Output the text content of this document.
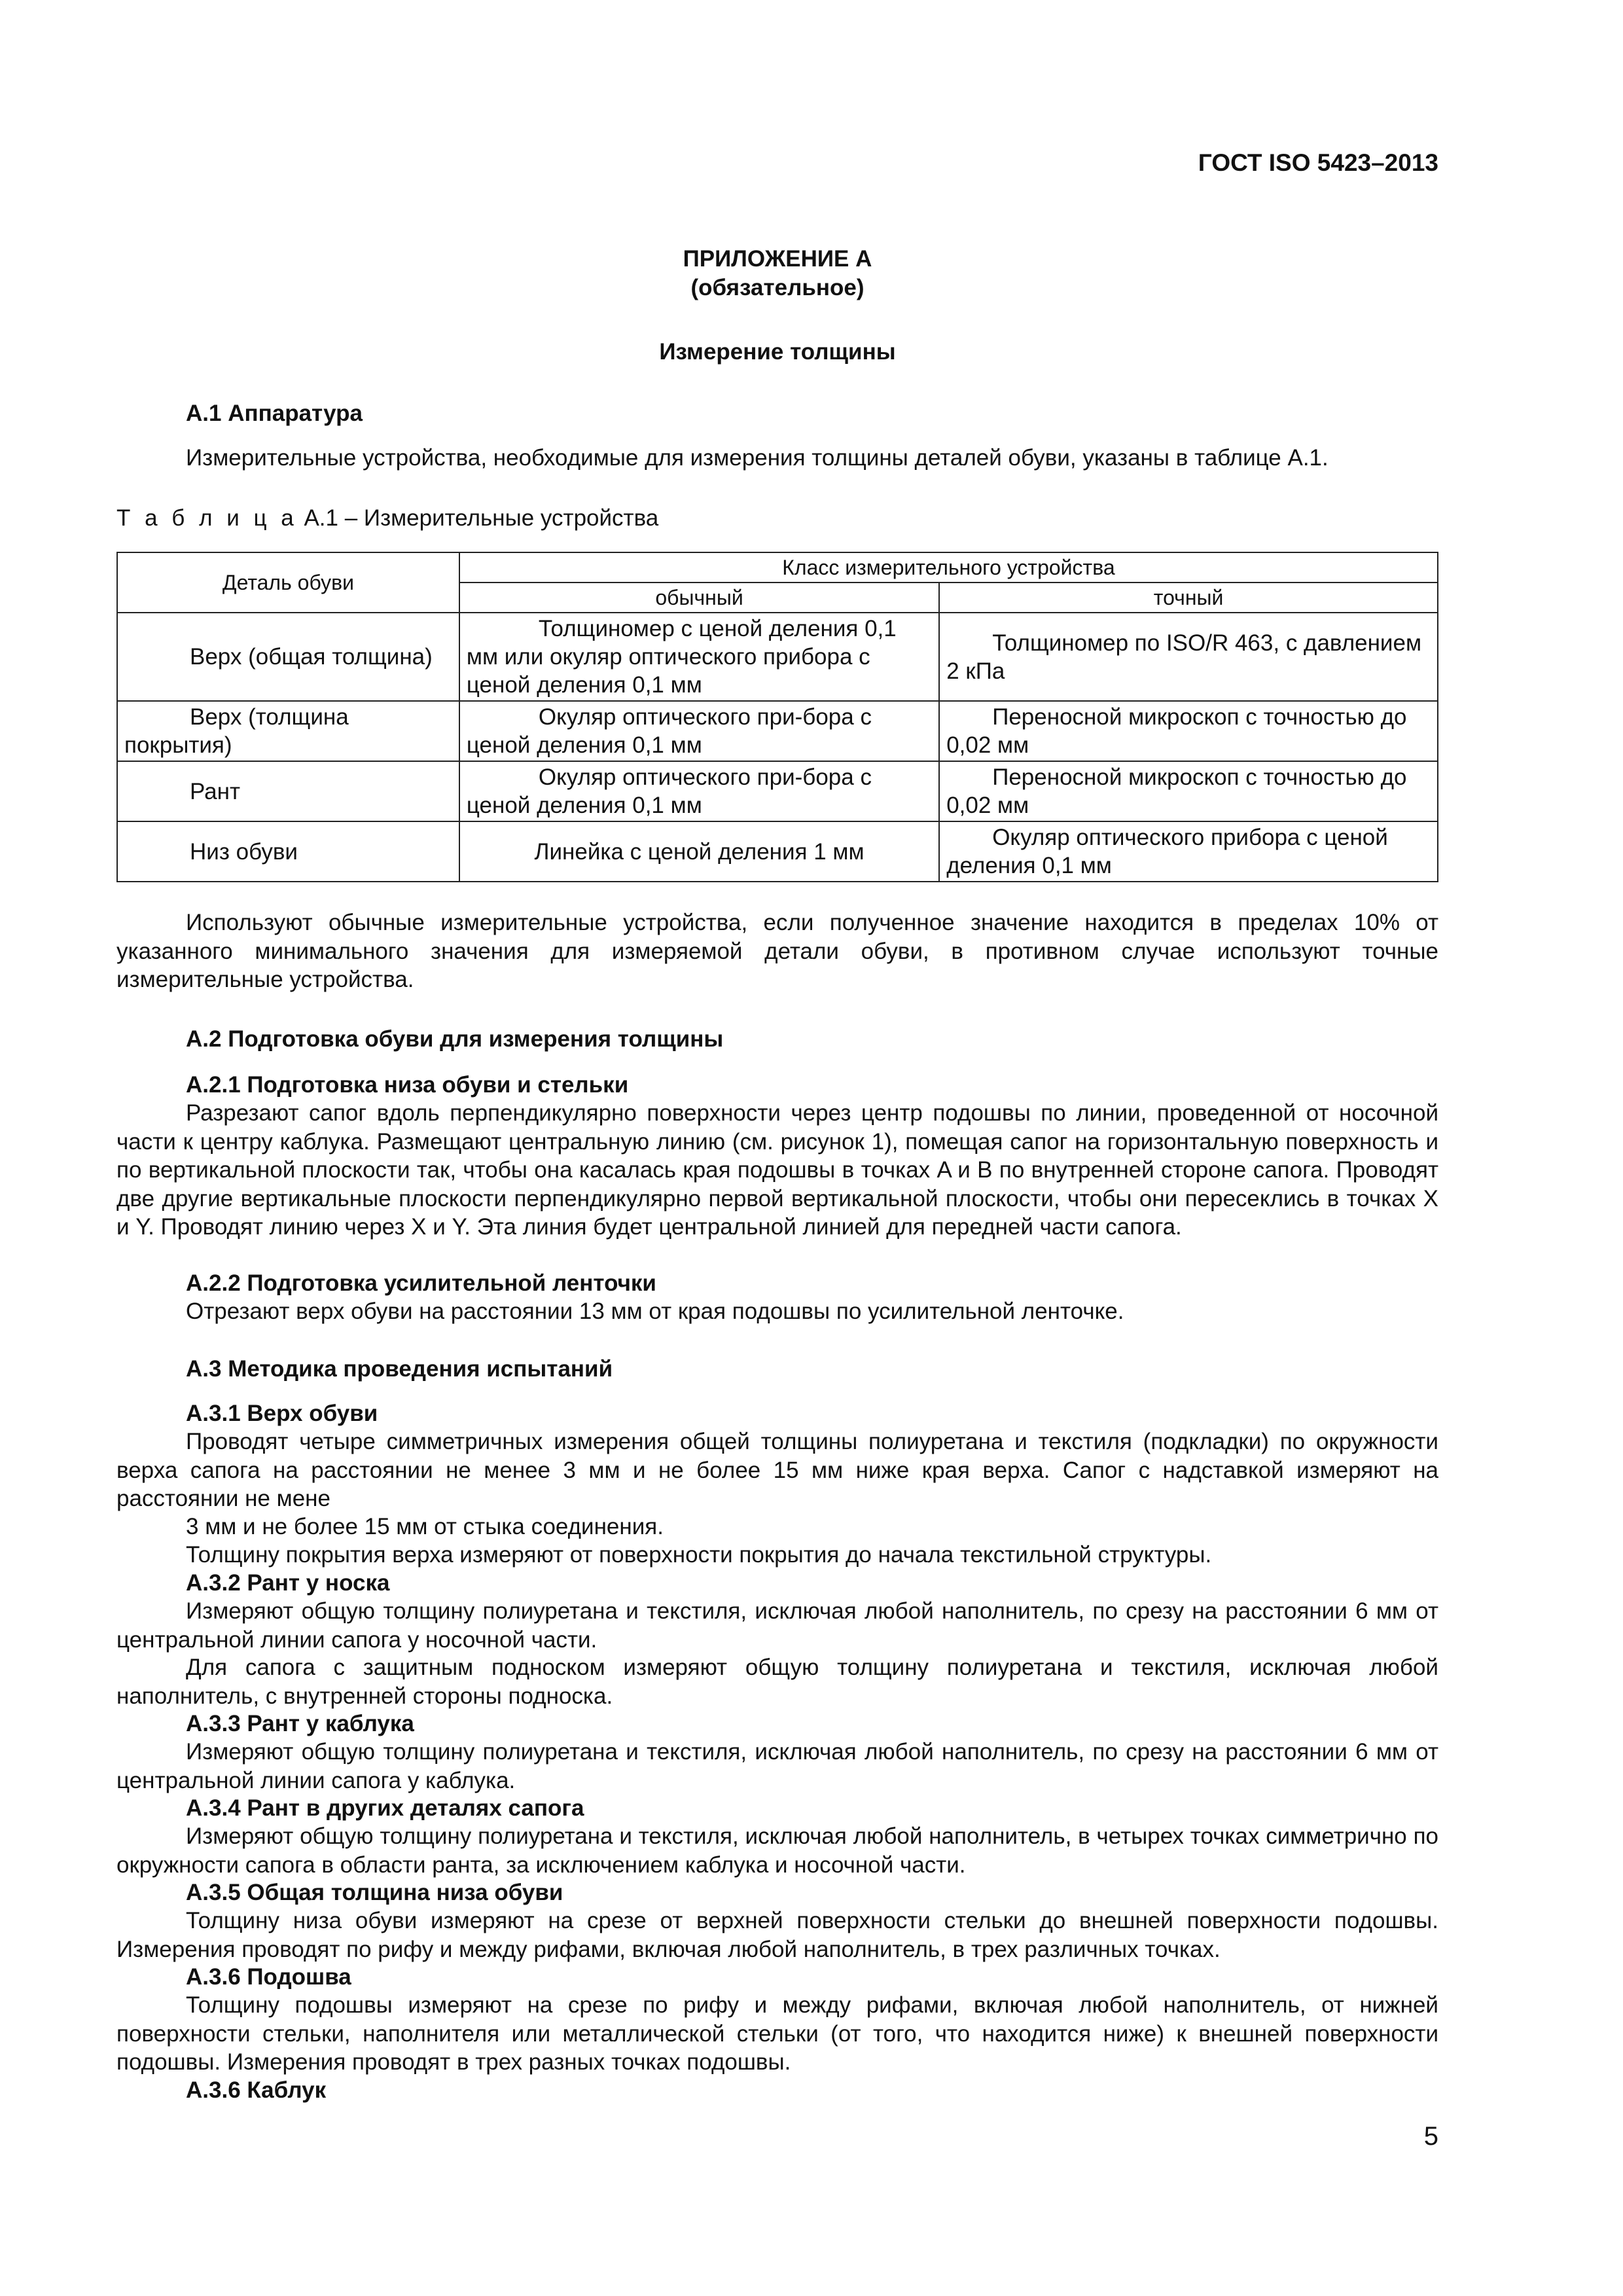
ГОСТ ISO 5423–2013
ПРИЛОЖЕНИЕ А
(обязательное)
Измерение толщины

А.1 Аппаратура

Измерительные устройства, необходимые для измерения толщины деталей обуви, указаны в таблице А.1.

Т а б л и ц а А.1 – Измерительные устройства

Деталь обуви	Класс измерительного устройства	
	обычный	точный
Верх (общая толщина)	Толщиномер с ценой деления 0,1 мм или окуляр оптического прибора с ценой деления 0,1 мм	Толщиномер по ISO/R 463, с давлением 2 кПа
Верх (толщина покрытия)	Окуляр оптического при-бора с ценой деления 0,1 мм	Переносной микроскоп с точностью до 0,02 мм
Рант	Окуляр оптического при-бора с ценой деления 0,1 мм	Переносной микроскоп с точностью до 0,02 мм
Низ обуви	Линейка с ценой деления 1 мм	Окуляр оптического прибора с ценой деления 0,1 мм

Используют обычные измерительные устройства, если полученное значение находится в пределах 10% от указанного минимального значения для измеряемой детали обуви, в противном случае используют точные измерительные устройства.

А.2 Подготовка обуви для измерения толщины

А.2.1 Подготовка низа обуви и стельки

Разрезают сапог вдоль перпендикулярно поверхности через центр подошвы по линии, проведенной от носочной части к центру каблука. Размещают центральную линию (см. рисунок 1), помещая сапог на горизонтальную поверхность и по вертикальной плоскости так, чтобы она касалась края подошвы в точках A и B по внутренней стороне сапога. Проводят две другие вертикальные плоскости перпендикулярно первой вертикальной плоскости, чтобы они пересеклись в точках X и Y. Проводят линию через X и Y. Эта линия будет центральной линией для передней части сапога.

А.2.2 Подготовка усилительной ленточки

Отрезают верх обуви на расстоянии 13 мм от края подошвы по усилительной ленточке.

А.3 Методика проведения испытаний

А.3.1 Верх обуви

Проводят четыре симметричных измерения общей толщины полиуретана и текстиля (подкладки) по окружности верха сапога на расстоянии не менее 3 мм и не более 15 мм ниже края верха. Сапог с надставкой измеряют на расстоянии не мене

3 мм и не более 15 мм от стыка соединения.

Толщину покрытия верха измеряют от поверхности покрытия до начала текстильной структуры.

А.3.2 Рант у носка

Измеряют общую толщину полиуретана и текстиля, исключая любой наполнитель, по срезу на расстоянии 6 мм от центральной линии сапога у носочной части.

Для сапога с защитным подноском измеряют общую толщину полиуретана и текстиля, исключая любой наполнитель, с внутренней стороны подноска.

А.3.3 Рант у каблука

Измеряют общую толщину полиуретана и текстиля, исключая любой наполнитель, по срезу на расстоянии 6 мм от центральной линии сапога у каблука.

А.3.4 Рант в других деталях сапога

Измеряют общую толщину полиуретана и текстиля, исключая любой наполнитель, в четырех точках симметрично по окружности сапога в области ранта, за исключением каблука и носочной части.

А.3.5 Общая толщина низа обуви

Толщину низа обуви измеряют на срезе от верхней поверхности стельки до внешней поверхности подошвы. Измерения проводят по рифу и между рифами, включая любой наполнитель, в трех различных точках.

А.3.6 Подошва

Толщину подошвы измеряют на срезе по рифу и между рифами, включая любой наполнитель, от нижней поверхности стельки, наполнителя или металлической стельки (от того, что находится ниже) к внешней поверхности подошвы. Измерения проводят в трех разных точках подошвы.

А.3.6 Каблук

5
